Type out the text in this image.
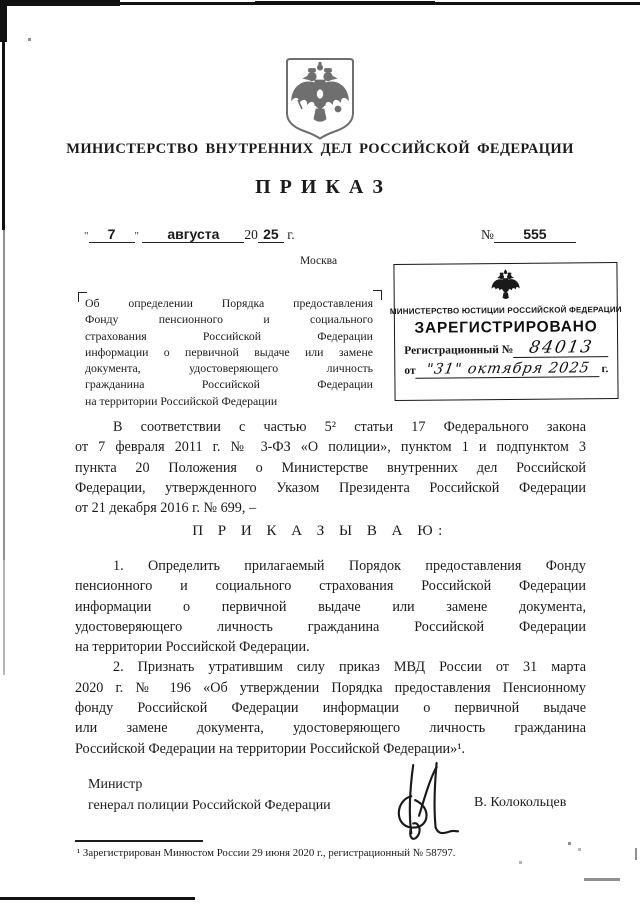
МИНИСТЕРСТВО ВНУТРЕННИХ ДЕЛ РОССИЙСКОЙ ФЕДЕРАЦИИ
П Р И К А З
" 7 " августа 20 25 г.
Москва
№ 555
МИНИСТЕРСТВО ЮСТИЦИИ РОССИЙСКОЙ ФЕДЕРАЦИИ
ЗАРЕГИСТРИРОВАНО
Регистрационный № 84013
от "31" октября 2025 г.
Об определении Порядка предоставления
Фонду пенсионного и социального
страхования Российской Федерации
информации о первичной выдаче или замене
документа, удостоверяющего личность
гражданина Российской Федерации
на территории Российской Федерации
В соответствии с частью 5² статьи 17 Федерального закона
от 7 февраля 2011 г. № 3-ФЗ «О полиции», пунктом 1 и подпунктом 3
пункта 20 Положения о Министерстве внутренних дел Российской
Федерации, утвержденного Указом Президента Российской Федерации
от 21 декабря 2016 г. № 699, –
П Р И К А З Ы В А Ю:
1. Определить прилагаемый Порядок предоставления Фонду
пенсионного и социального страхования Российской Федерации
информации о первичной выдаче или замене документа,
удостоверяющего личность гражданина Российской Федерации
на территории Российской Федерации.
2. Признать утратившим силу приказ МВД России от 31 марта
2020 г. № 196 «Об утверждении Порядка предоставления Пенсионному
фонду Российской Федерации информации о первичной выдаче
или замене документа, удостоверяющего личность гражданина
Российской Федерации на территории Российской Федерации»¹.
Министр
генерал полиции Российской Федерации	В. Колокольцев
¹ Зарегистрирован Минюстом России 29 июня 2020 г., регистрационный № 58797.
